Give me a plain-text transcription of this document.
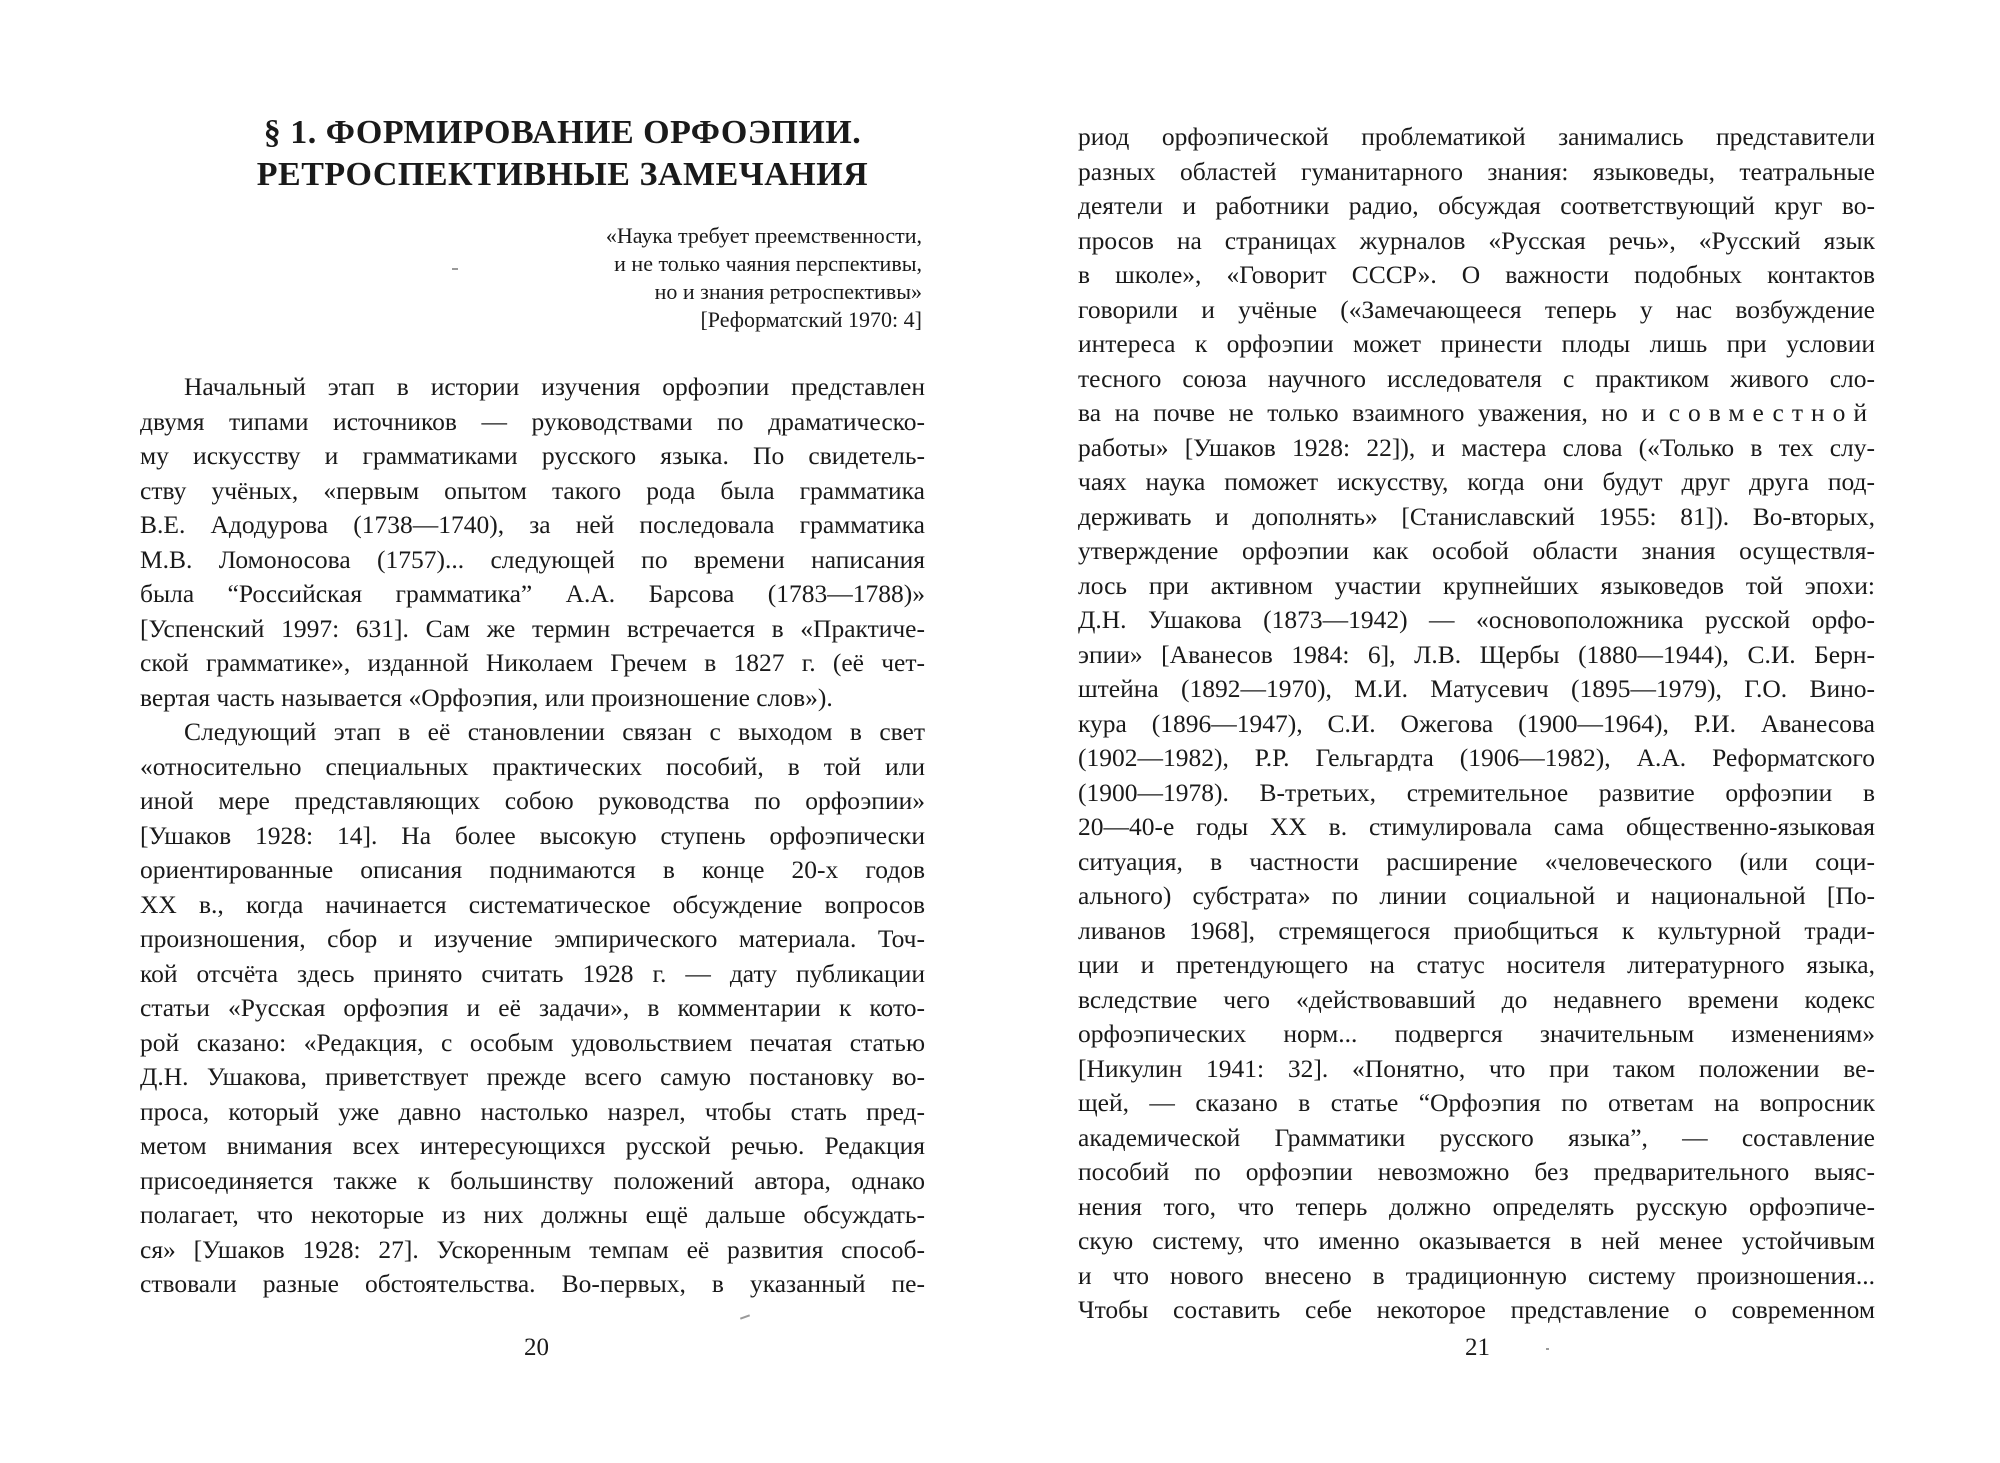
§ 1. ФОРМИРОВАНИЕ ОРФОЭПИИ.
РЕТРОСПЕКТИВНЫЕ ЗАМЕЧАНИЯ
«Наука требует преемственности,
и не только чаяния перспективы,
но и знания ретроспективы»
[Реформатский 1970: 4]
Начальный этап в истории изучения орфоэпии представлен
двумя типами источников — руководствами по драматическо-
му искусству и грамматиками русского языка. По свидетель-
ству учёных, «первым опытом такого рода была грамматика
В.Е. Адодурова (1738—1740), за ней последовала грамматика
М.В. Ломоносова (1757)... следующей по времени написания
была “Российская грамматика” А.А. Барсова (1783—1788)»
[Успенский 1997: 631]. Сам же термин встречается в «Практиче-
ской грамматике», изданной Николаем Гречем в 1827 г. (её чет-
вертая часть называется «Орфоэпия, или произношение слов»).
Следующий этап в её становлении связан с выходом в свет
«относительно специальных практических пособий, в той или
иной мере представляющих собою руководства по орфоэпии»
[Ушаков 1928: 14]. На более высокую ступень орфоэпически
ориентированные описания поднимаются в конце 20-х годов
XX в., когда начинается систематическое обсуждение вопросов
произношения, сбор и изучение эмпирического материала. Точ-
кой отсчёта здесь принято считать 1928 г. — дату публикации
статьи «Русская орфоэпия и её задачи», в комментарии к кото-
рой сказано: «Редакция, с особым удовольствием печатая статью
Д.Н. Ушакова, приветствует прежде всего самую постановку во-
проса, который уже давно настолько назрел, чтобы стать пред-
метом внимания всех интересующихся русской речью. Редакция
присоединяется также к большинству положений автора, однако
полагает, что некоторые из них должны ещё дальше обсуждать-
ся» [Ушаков 1928: 27]. Ускоренным темпам её развития способ-
ствовали разные обстоятельства. Во-первых, в указанный пе-
20
риод орфоэпической проблематикой занимались представители
разных областей гуманитарного знания: языковеды, театральные
деятели и работники радио, обсуждая соответствующий круг во-
просов на страницах журналов «Русская речь», «Русский язык
в школе», «Говорит СССР». О важности подобных контактов
говорили и учёные («Замечающееся теперь у нас возбуждение
интереса к орфоэпии может принести плоды лишь при условии
тесного союза научного исследователя с практиком живого сло-
ва на почве не только взаимного уважения, но и совместной
работы» [Ушаков 1928: 22]), и мастера слова («Только в тех слу-
чаях наука поможет искусству, когда они будут друг друга под-
держивать и дополнять» [Станиславский 1955: 81]). Во-вторых,
утверждение орфоэпии как особой области знания осуществля-
лось при активном участии крупнейших языковедов той эпохи:
Д.Н. Ушакова (1873—1942) — «основоположника русской орфо-
эпии» [Аванесов 1984: 6], Л.В. Щербы (1880—1944), С.И. Берн-
штейна (1892—1970), М.И. Матусевич (1895—1979), Г.О. Вино-
кура (1896—1947), С.И. Ожегова (1900—1964), Р.И. Аванесова
(1902—1982), Р.Р. Гельгардта (1906—1982), А.А. Реформатского
(1900—1978). В-третьих, стремительное развитие орфоэпии в
20—40-е годы XX в. стимулировала сама общественно-языковая
ситуация, в частности расширение «человеческого (или соци-
ального) субстрата» по линии социальной и национальной [По-
ливанов 1968], стремящегося приобщиться к культурной тради-
ции и претендующего на статус носителя литературного языка,
вследствие чего «действовавший до недавнего времени кодекс
орфоэпических норм... подвергся значительным изменениям»
[Никулин 1941: 32]. «Понятно, что при таком положении ве-
щей, — сказано в статье “Орфоэпия по ответам на вопросник
академической Грамматики русского языка”, — составление
пособий по орфоэпии невозможно без предварительного выяс-
нения того, что теперь должно определять русскую орфоэпиче-
скую систему, что именно оказывается в ней менее устойчивым
и что нового внесено в традиционную систему произношения...
Чтобы составить себе некоторое представление о современном
21
